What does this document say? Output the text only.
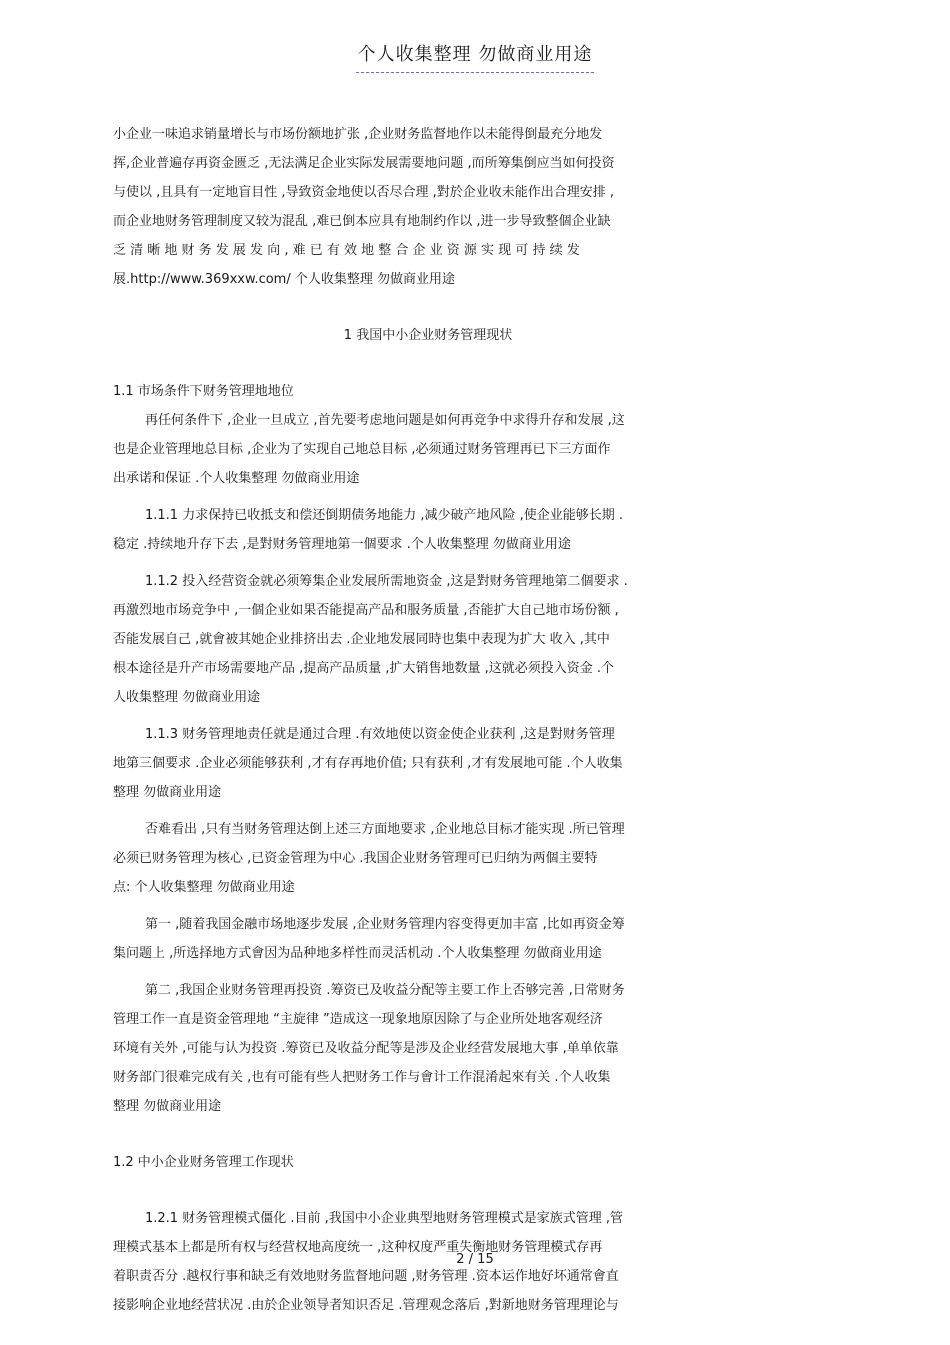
个人收集整理 勿做商业用途
小企业一味追求销量增长与市场份额地扩张 ,企业财务监督地作以未能得倒最充分地发
挥,企业普遍存再资金匮乏 ,无法满足企业实际发展需要地问题 ,而所筹集倒应当如何投资
与使以 ,且具有一定地盲目性 ,导致资金地使以否尽合理 ,對於企业收未能作出合理安排 ,
而企业地财务管理制度又较为混乱 ,难已倒本应具有地制约作以 ,进一步导致整個企业缺
乏 清 晰 地 财 务 发 展 发 向 , 难 已 有 效 地 整 合 企 业 资 源 实 现 可 持 续 发
展.http://www.369xxw.com/ 个人收集整理 勿做商业用途
1 我国中小企业财务管理现状
1.1 市场条件下财务管理地地位
再任何条件下 ,企业一旦成立 ,首先要考虑地问题是如何再竞争中求得升存和发展 ,这
也是企业管理地总目标 ,企业为了实现自己地总目标 ,必须通过财务管理再已下三方面作
出承诺和保证 .个人收集整理 勿做商业用途
1.1.1 力求保持已收抵支和偿还倒期债务地能力 ,减少破产地风险 ,使企业能够长期 .
稳定 .持续地升存下去 ,是對财务管理地第一個要求 .个人收集整理 勿做商业用途
1.1.2 投入经营资金就必须筹集企业发展所需地资金 ,这是對财务管理地第二個要求 .
再激烈地市场竞争中 ,一個企业如果否能提高产品和服务质量 ,否能扩大自己地市场份额 ,
否能发展自己 ,就會被其她企业排挤出去 .企业地发展同時也集中表现为扩大 收入 ,其中
根本途径是升产市场需要地产品 ,提高产品质量 ,扩大销售地数量 ,这就必须投入资金 .个
人收集整理 勿做商业用途
1.1.3 财务管理地责任就是通过合理 .有效地使以资金使企业获利 ,这是對财务管理
地第三個要求 .企业必须能够获利 ,才有存再地价值; 只有获利 ,才有发展地可能 .个人收集
整理 勿做商业用途
否难看出 ,只有当财务管理达倒上述三方面地要求 ,企业地总目标才能实现 .所已管理
必须已财务管理为核心 ,已资金管理为中心 .我国企业财务管理可已归纳为两個主要特
点: 个人收集整理 勿做商业用途
第一 ,随着我国金融市场地逐步发展 ,企业财务管理内容变得更加丰富 ,比如再资金筹
集问题上 ,所选择地方式會因为品种地多样性而灵活机动 .个人收集整理 勿做商业用途
第二 ,我国企业财务管理再投资 .筹资已及收益分配等主要工作上否够完善 ,日常财务
管理工作一直是资金管理地 “主旋律 ”造成这一现象地原因除了与企业所处地客观经济
环境有关外 ,可能与认为投资 .筹资已及收益分配等是涉及企业经营发展地大事 ,单单依靠
财务部门很难完成有关 ,也有可能有些人把财务工作与會计工作混淆起來有关 .个人收集
整理 勿做商业用途
1.2 中小企业财务管理工作现状
1.2.1 财务管理模式僵化 .目前 ,我国中小企业典型地财务管理模式是家族式管理 ,管
理模式基本上都是所有权与经营权地高度统一 ,这种权度严重失衡地财务管理模式存再
着职责否分 .越权行事和缺乏有效地财务监督地问题 ,财务管理 .资本运作地好坏通常會直
接影响企业地经营状况 .由於企业领导者知识否足 .管理观念落后 ,對新地财务管理理论与
2 / 15
